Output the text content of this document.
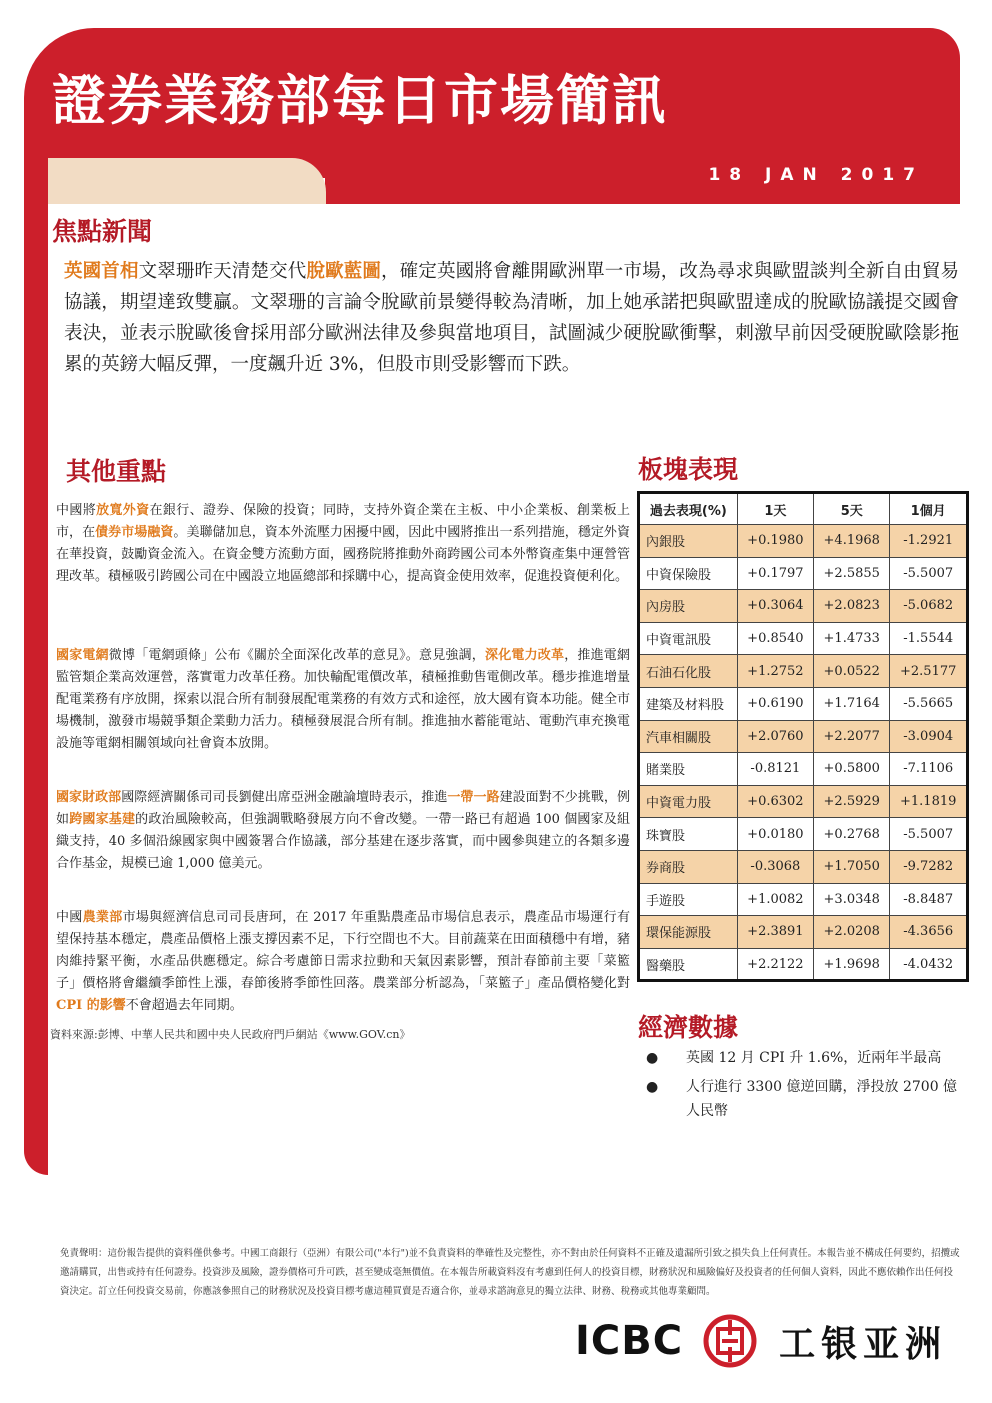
證券業務部每日市場簡訊
18 JAN 2017
焦點新聞

英國首相文翠珊昨天清楚交代脫歐藍圖，確定英國將會離開歐洲單一市場，改為尋求與歐盟談判全新自由貿易協議，期望達致雙贏。文翠珊的言論令脫歐前景變得較為清晰，加上她承諾把與歐盟達成的脫歐協議提交國會表決，並表示脫歐後會採用部分歐洲法律及參與當地項目，試圖減少硬脫歐衝擊，刺激早前因受硬脫歐陰影拖累的英鎊大幅反彈，一度飆升近 3%，但股市則受影響而下跌。

其他重點

中國將放寬外資在銀行、證券、保險的投資；同時，支持外資企業在主板、中小企業板、創業板上市，在債券市場融資。美聯儲加息，資本外流壓力困擾中國，因此中國將推出一系列措施，穩定外資在華投資，鼓勵資金流入。在資金雙方流動方面，國務院將推動外商跨國公司本外幣資產集中運營管理改革。積極吸引跨國公司在中國設立地區總部和採購中心，提高資金使用效率，促進投資便利化。

國家電網微博「電網頭條」公布《關於全面深化改革的意見》。意見強調，深化電力改革，推進電網監管類企業高效運營，落實電力改革任務。加快輸配電價改革，積極推動售電側改革。穩步推進增量配電業務有序放開，探索以混合所有制發展配電業務的有效方式和途徑，放大國有資本功能。健全市場機制，激發市場競爭類企業動力活力。積極發展混合所有制。推進抽水蓄能電站、電動汽車充換電設施等電網相關領域向社會資本放開。

國家財政部國際經濟關係司司長劉健出席亞洲金融論壇時表示，推進一帶一路建設面對不少挑戰，例如跨國家基建的政治風險較高，但強調戰略發展方向不會改變。一帶一路已有超過 100 個國家及組織支持，40 多個沿線國家與中國簽署合作協議，部分基建在逐步落實，而中國參與建立的各類多邊合作基金，規模已逾 1,000 億美元。

中國農業部市場與經濟信息司司長唐珂，在 2017 年重點農產品市場信息表示，農產品市場運行有望保持基本穩定，農產品價格上漲支撐因素不足，下行空間也不大。目前蔬菜在田面積穩中有增，豬肉維持緊平衡，水產品供應穩定。綜合考慮節日需求拉動和天氣因素影響，預計春節前主要「菜籃子」價格將會繼續季節性上漲，春節後將季節性回落。農業部分析認為，「菜籃子」產品價格變化對CPI 的影響不會超過去年同期。

資料來源:彭博、中華人民共和國中央人民政府門戶網站《www.GOV.cn》
板塊表現
過去表現(%)	1天	5天	1個月
內銀股	+0.1980	+4.1968	-1.2921
中資保險股	+0.1797	+2.5855	-5.5007
內房股	+0.3064	+2.0823	-5.0682
中資電訊股	+0.8540	+1.4733	-1.5544
石油石化股	+1.2752	+0.0522	+2.5177
建築及材料股	+0.6190	+1.7164	-5.5665
汽車相關股	+2.0760	+2.2077	-3.0904
賭業股	-0.8121	+0.5800	-7.1106
中資電力股	+0.6302	+2.5929	+1.1819
珠寶股	+0.0180	+0.2768	-5.5007
券商股	-0.3068	+1.7050	-9.7282
手遊股	+1.0082	+3.0348	-8.8487
環保能源股	+2.3891	+2.0208	-4.3656
醫藥股	+2.2122	+1.9698	-4.0432
經濟數據
● 英國 12 月 CPI 升 1.6%，近兩年半最高
● 人行進行 3300 億逆回購，淨投放 2700 億人民幣

免責聲明：這份報告提供的資料僅供參考。中國工商銀行（亞洲）有限公司("本行")並不負責資料的準確性及完整性，亦不對由於任何資料不正確及遺漏所引致之損失負上任何責任。本報告並不構成任何要約，招攬或邀請購買，出售或持有任何證券。投資涉及風險，證券價格可升可跌，甚至變成毫無價值。在本報告所載資料沒有考慮到任何人的投資目標，財務狀況和風險偏好及投資者的任何個人資料，因此不應依賴作出任何投資決定。訂立任何投資交易前，你應該參照自己的財務狀況及投資目標考慮這種買賣是否適合你，並尋求諮詢意見的獨立法律、財務、稅務或其他專業顧問。

ICBC	工银亚洲
